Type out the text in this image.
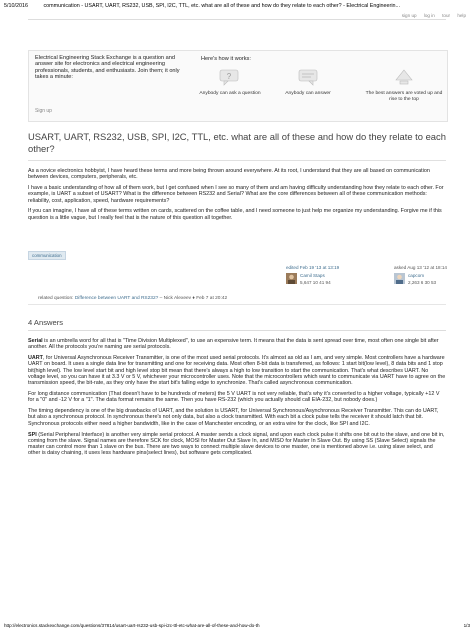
5/10/2016	communication - USART, UART, RS232, USB, SPI, I2C, TTL, etc. what are all of these and how do they relate to each other? - Electrical Engineerin...
sign up log in tour help
Electrical Engineering Stack Exchange is a question and answer site for electronics and electrical engineering professionals, students, and enthusiasts. Join them; it only takes a minute:
Sign up
Here's how it works:
?
Anybody can ask a question	Anybody can answer	The best answers are voted up and rise to the top
USART, UART, RS232, USB, SPI, I2C, TTL, etc. what are all of these and how do they relate to each other?

As a novice electronics hobbyist, I have heard these terms and more being thrown around everywhere. At its root, I understand that they are all based on communication between devices, computers, peripherals, etc.

I have a basic understanding of how all of them work, but I get confused when I see so many of them and am having difficulty understanding how they relate to each other. For example, is UART a subset of USART? What is the difference between RS232 and Serial? What are the core differences between all of these communication methods: reliability, cost, application, speed, hardware requirements?

If you can imagine, I have all of these terms written on cards, scattered on the coffee table, and I need someone to just help me organize my understanding. Forgive me if this question is a little vague, but I really feel that is the nature of this question all together.

communication
edited Feb 19 '13 at 13:19
Camil Staps
5,647 10 41 94
asked Aug 13 '12 at 18:14
capcom
2,263 6 30 53
related question: Difference between UART and RS232? – Nick Alexeev ♦ Feb 7 at 20:42
4 Answers

Serial is an umbrella word for all that is "Time Division Multiplexed", to use an expensive term. It means that the data is sent spread over time, most often one single bit after another. All the protocols you're naming are serial protocols.

UART, for Universal Asynchronous Receiver Transmitter, is one of the most used serial protocols. It's almost as old as I am, and very simple. Most controllers have a hardware UART on board. It uses a single data line for transmitting and one for receiving data. Most often 8-bit data is transferred, as follows: 1 start bit(low level), 8 data bits and 1 stop bit(high level). The low level start bit and high level stop bit mean that there's always a high to low transition to start the communication. That's what describes UART. No voltage level, so you can have it at 3.3 V or 5 V, whichever your microcontroller uses. Note that the microcontrollers which want to communicate via UART have to agree on the transmission speed, the bit-rate, as they only have the start bit's falling edge to synchronize. That's called asynchronous communication.

For long distance communication (That doesn't have to be hundreds of meters) the 5 V UART is not very reliable, that's why it's converted to a higher voltage, typically +12 V for a "0" and -12 V for a "1". The data format remains the same. Then you have RS-232 (which you actually should call EIA-232, but nobody does.)

The timing dependency is one of the big drawbacks of UART, and the solution is USART, for Universal Synchronous/Asynchronous Receiver Transmitter. This can do UART, but also a synchronous protocol. In synchronous there's not only data, but also a clock transmitted. With each bit a clock pulse tells the receiver it should latch that bit. Synchronous protocols either need a higher bandwidth, like in the case of Manchester encoding, or an extra wire for the clock, like SPI and I2C.

SPI (Serial Peripheral Interface) is another very simple serial protocol. A master sends a clock signal, and upon each clock pulse it shifts one bit out to the slave, and one bit in, coming from the slave. Signal names are therefore SCK for clock, MOSI for Master Out Slave In, and MISO for Master In Slave Out. By using SS (Slave Select) signals the master can control more than 1 slave on the bus. There are two ways to connect multiple slave devices to one master, one is mentioned above i.e. using slave select, and other is daisy chaining, it uses less hardware pins(select lines), but software gets complicated.

http://electronics.stackexchange.com/questions/37814/usart-uart-rs232-usb-spi-i2c-ttl-etc-what-are-all-of-these-and-how-do-th	1/3
